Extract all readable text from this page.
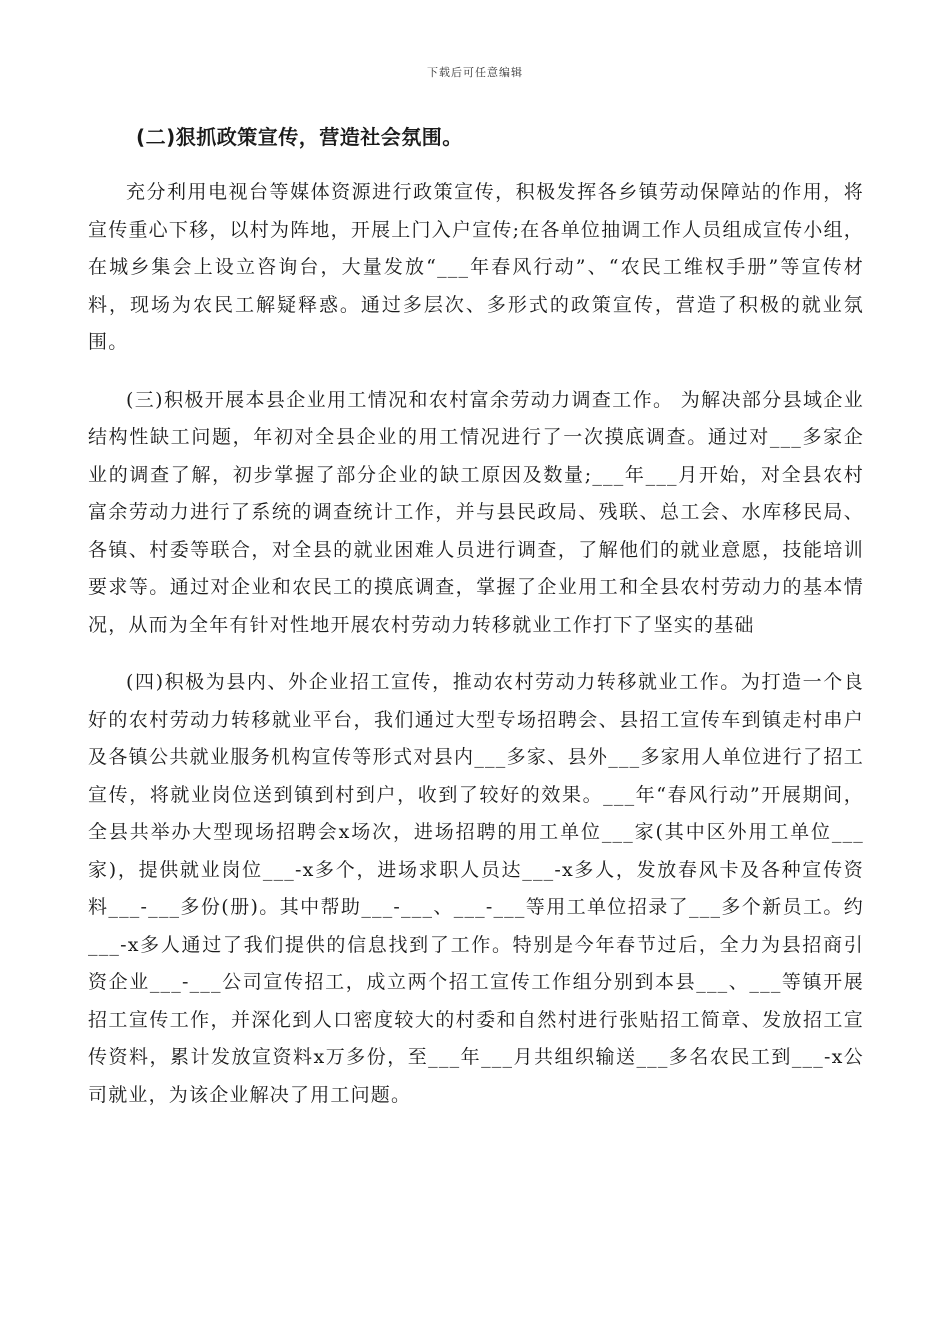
下载后可任意编辑
(二)狠抓政策宣传，营造社会氛围。

充分利用电视台等媒体资源进行政策宣传，积极发挥各乡镇劳动保障站的作用，将宣传重心下移，以村为阵地，开展上门入户宣传;在各单位抽调工作人员组成宣传小组，在城乡集会上设立咨询台，大量发放“___年春风行动”、“农民工维权手册”等宣传材料，现场为农民工解疑释惑。通过多层次、多形式的政策宣传，营造了积极的就业氛围。

(三)积极开展本县企业用工情况和农村富余劳动力调查工作。 为解决部分县域企业结构性缺工问题，年初对全县企业的用工情况进行了一次摸底调查。通过对___多家企业的调查了解，初步掌握了部分企业的缺工原因及数量;___年___月开始，对全县农村富余劳动力进行了系统的调查统计工作，并与县民政局、残联、总工会、水库移民局、各镇、村委等联合，对全县的就业困难人员进行调查，了解他们的就业意愿，技能培训要求等。通过对企业和农民工的摸底调查，掌握了企业用工和全县农村劳动力的基本情况，从而为全年有针对性地开展农村劳动力转移就业工作打下了坚实的基础

(四)积极为县内、外企业招工宣传，推动农村劳动力转移就业工作。为打造一个良好的农村劳动力转移就业平台，我们通过大型专场招聘会、县招工宣传车到镇走村串户及各镇公共就业服务机构宣传等形式对县内___多家、县外___多家用人单位进行了招工宣传，将就业岗位送到镇到村到户，收到了较好的效果。___年“春风行动”开展期间，全县共举办大型现场招聘会x场次，进场招聘的用工单位___家(其中区外用工单位___家)，提供就业岗位___-x多个，进场求职人员达___-x多人，发放春风卡及各种宣传资料___-___多份(册)。其中帮助___-___、___-___等用工单位招录了___多个新员工。约___-x多人通过了我们提供的信息找到了工作。特别是今年春节过后，全力为县招商引资企业___-___公司宣传招工，成立两个招工宣传工作组分别到本县___、___等镇开展招工宣传工作，并深化到人口密度较大的村委和自然村进行张贴招工简章、发放招工宣传资料，累计发放宣资料x万多份，至___年___月共组织输送___多名农民工到___-x公司就业，为该企业解决了用工问题。
